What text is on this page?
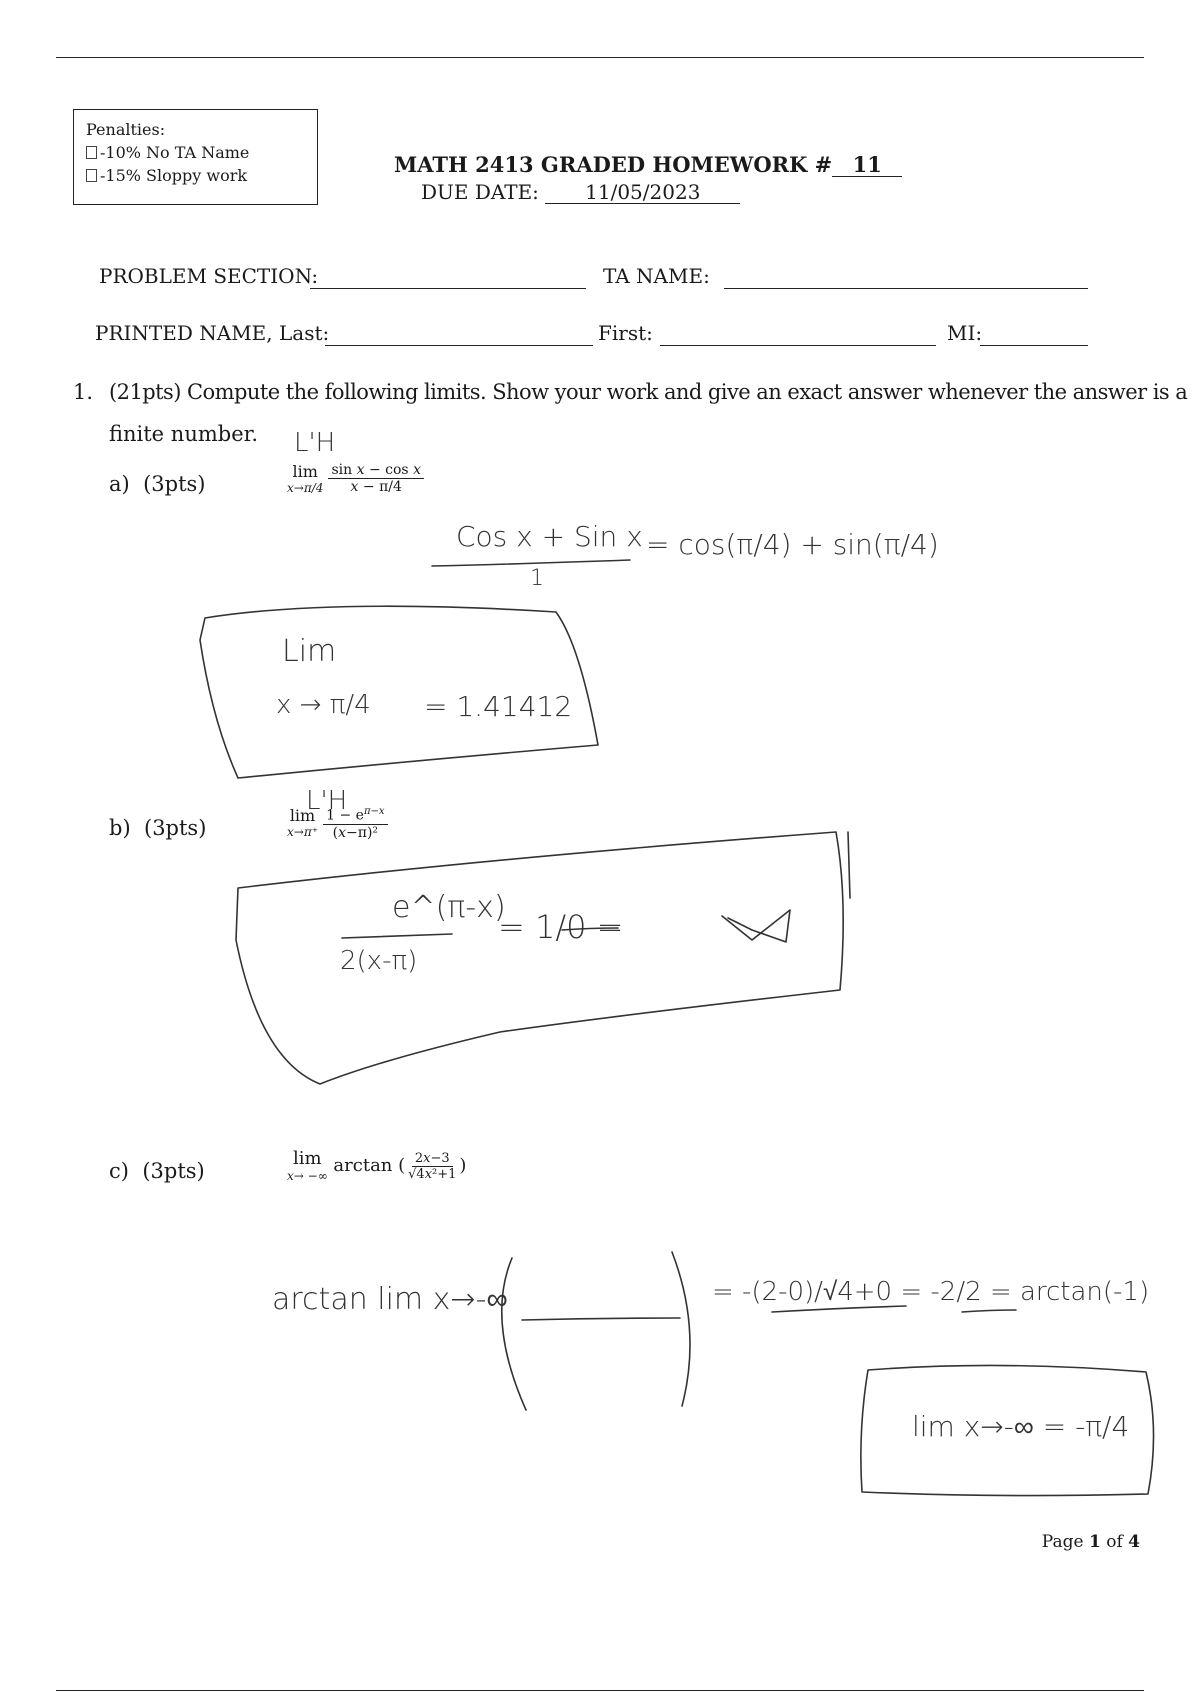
Penalties:
-10% No TA Name
-15% Sloppy work	MATH 2413 GRADED HOMEWORK # 11
DUE DATE: 11/05/2023
PROBLEM SECTION:	TA NAME:
PRINTED NAME, Last:	First:	MI:
1. (21pts) Compute the following limits. Show your work and give an exact answer whenever the answer is a
finite number.
a) (3pts)
lim
x→π/4
$\frac{\text{sin x − cos x}}{x - \pi/4}$
b) (3pts)
lim
x→π⁺
$\frac{1 - e^{\pi-x}}{\text{(x−π)²}}$
c) (3pts)
lim
x→ −∞ arctan ( $\frac{2x-3}{\text{√4x²+1}}$ )
L'H
Cos x + Sin x
1
= cos(π/4) + sin(π/4)
Lim
x → π/4 = 1.41412
L'H
e^(π-x)
2(x-π)
= 1/0 =
arctan lim x→-∞	= -(2-0)/√4+0 = -2/2 = arctan(-1)
lim x→-∞ = -π/4
Page 1 of 4
